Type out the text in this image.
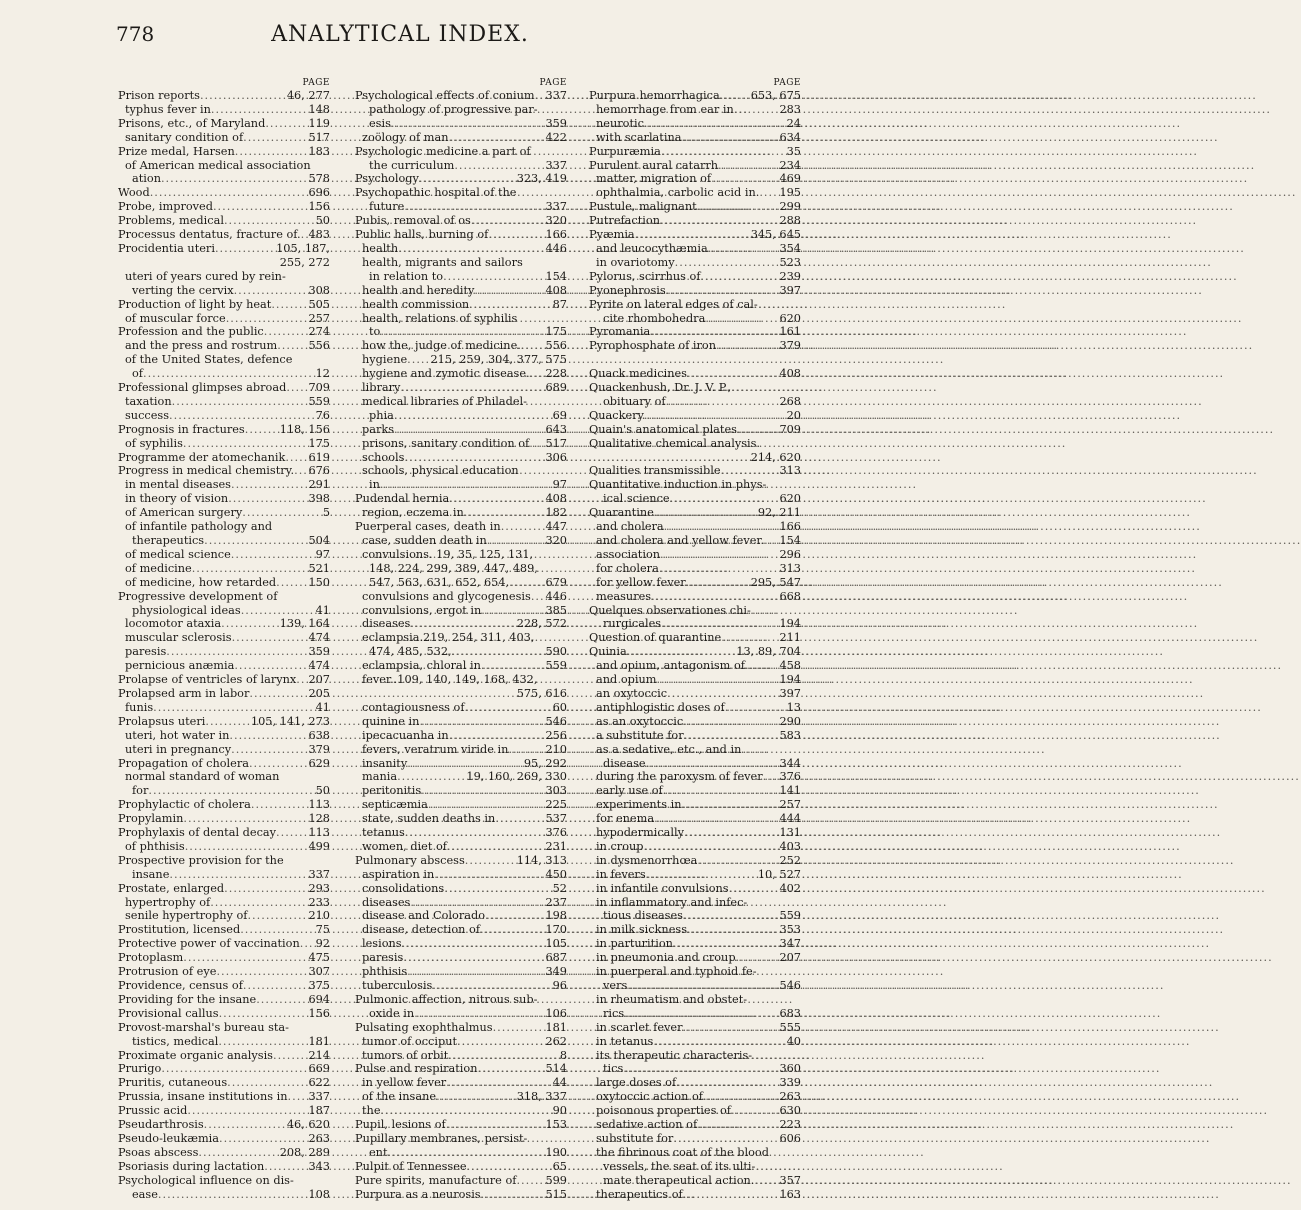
778	ANALYTICAL INDEX.
PAGE
Prison reports .....	46, 277
typhus fever in .....	148
Prisons, etc., of Maryland .....	119
sanitary condition of .....	517
Prize medal, Harsen .....	183
of American medical association
ation .....	578
Wood .....	696
Probe, improved .....	156
Problems, medical .....	50
Processus dentatus, fracture of. ..... 483
Procidentia uteri .....	105, 187,
255, 272
uteri of years cured by rein-
verting the cervix .....	308
Production of light by heat .....	505
of muscular force .....	257
Profession and the public .....	274
and the press and rostrum .....	556
of the United States, defence
of .....	12
Professional glimpses abroad ..... 709
taxation .....	559
success .....	76
Prognosis in fractures .....	118, 156
of syphilis .....	175
Programme der atomechanik ..... 619
Progress in medical chemistry. ..... 676
in mental diseases .....	291
in theory of vision .....	398
of American surgery .....	5
of infantile pathology and
therapeutics .....	504
of medical science .....	97
of medicine .....	521
of medicine, how retarded .....	150
Progressive development of
physiological ideas .....	41
locomotor ataxia .....	139, 164
muscular sclerosis .....	474
paresis .....	359
pernicious anæmia .....	474
Prolapse of ventricles of larynx ..... 207
Prolapsed arm in labor .....	205
funis .....	41
Prolapsus uteri .....	105, 141, 273
uteri, hot water in .....	638
uteri in pregnancy .....	379
Propagation of cholera .....	629
normal standard of woman
for .....	50
Prophylactic of cholera .....	113
Propylamin .....	128
Prophylaxis of dental decay .....	113
of phthisis .....	499
Prospective provision for the
insane .....	337
Prostate, enlarged .....	293
hypertrophy of .....	233
senile hypertrophy of .....	210
Prostitution, licensed .....	75
Protective power of vaccination ..... 92
Protoplasm .....	475
Protrusion of eye .....	307
Providence, census of .....	375
Providing for the insane .....	694
Provisional callus .....	156
Provost-marshal's bureau sta-
tistics, medical .....	181
Proximate organic analysis .....	214
Prurigo .....	669
Pruritis, cutaneous .....	622
Prussia, insane institutions in ..... 337
Prussic acid .....	187
Pseudarthrosis .....	46, 620
Pseudo-leukæmia .....	263
Psoas abscess .....	208, 289
Psoriasis during lactation .....	343
Psychological influence on dis-
ease .....	108
PAGE
Psychological effects of conium ..... 337
pathology of progressive par-
esis .....	359
zoölogy of man .....	422
Psychologic medicine a part of
the curriculum .....	337
Psychology .....	323, 419
Psychopathic hospital of the
future .....	337
Pubis, removal of os .....	320
Public halls, burning of .....	166
health .....	446
health, migrants and sailors
in relation to .....	154
health and heredity .....	408
health commission .....	87
health, relations of syphilis
to .....	175
how the, judge of medicine. ..... 556
hygiene ..... 215, 259, 304, 377, 575
hygiene and zymotic disease. ..... 228
library .....	689
medical libraries of Philadel-
phia .....	69
parks .....	643
prisons, sanitary condition of ..... 517
schools .....	306
schools, physical education
in .....	97
Pudendal hernia .....	408
region, eczema in .....	182
Puerperal cases, death in .....	447
case, sudden death in .....	320
convulsions. 19, 35, 125, 131,
148, 224, 299, 389, 447, 489,
547, 563, 631, 652, 654, .....	679
convulsions and glycogenesis ..... 446
convulsions, ergot in .....	385
diseases .....	228, 572
eclampsia.219, 254, 311, 403,
474, 485, 532, .....	590
eclampsia, chloral in .....	559
fever..109, 140, 149, 168, 432,
575, 616
contagiousness of .....	60
quinine in .....	546
ipecacuanha in .....	256
fevers, veratrum viride in .....	210
insanity .....	95, 292
mania .....	19, 160, 269, 330
peritonitis .....	303
septicæmia .....	225
state, sudden deaths in .....	537
tetanus .....	376
women, diet of .....	231
Pulmonary abscess .....	114, 313
aspiration in .....	450
consolidations .....	52
diseases .....	237
disease and Colorado .....	198
disease, detection of .....	170
lesions .....	105
paresis .....	687
phthisis .....	349
tuberculosis .....	96
Pulmonic affection, nitrous sub-
oxide in .....	106
Pulsating exophthalmus .....	181
tumor of occiput .....	262
tumors of orbit .....	8
Pulse and respiration .....	514
in yellow fever .....	44
of the insane .....	318, 337
the .....	90
Pupil, lesions of .....	153
Pupillary membranes, persist-
ent .....	190
Pulpit of Tennessee .....	65
Pure spirits, manufacture of .....	599
Purpura as a neurosis .....	515
PAGE
Purpura hemorrhagica .....	653, 675
hemorrhage from ear in .....	283
neurotic .....	24
with scarlatina .....	634
Purpuræmia .....	35
Purulent aural catarrh .....	234
matter, migration of .....	469
ophthalmia, carbolic acid in. ..... 195
Pustule, malignant .....	299
Putrefaction .....	288
Pyæmia .....	345, 645
and leucocythæmia .....	354
in ovariotomy .....	523
Pylorus, scirrhus of .....	239
Pyonephrosis .....	397
Pyrite on lateral edges of cal-
cite rhombohedra .....	620
Pyromania .....	161
Pyrophosphate of iron .....	379

Quack medicines .....	408
Quackenbush, Dr. J. V. P.,
obituary of .....	268
Quackery .....	20
Quain's anatomical plates .....	709
Qualitative chemical analysis.
214, 620
Qualities transmissible .....	313
Quantitative induction in phys-
ical science .....	620
Quarantine .....	92, 211
and cholera .....	166
and cholera and yellow fever. ..... 154
association .....	296
for cholera .....	313
for yellow fever .....	295, 547
measures .....	668
Quelques observationes chi-
rurgicales .....	194
Question of quarantine .....	211
Quinia .....	13, 89, 704
and opium, antagonism of .....	458
and opium .....	194
an oxytoccic .....	397
antiphlogistic doses of .....	13
as an oxytoccic .....	290
a substitute for .....	583
as a sedative, etc., and in
disease .....	344
during the paroxysm of fever ..... 376
early use of .....	141
experiments in .....	257
for enema .....	444
hypodermically .....	131
in croup .....	403
in dysmenorrhœa .....	252
in fevers .....	10, 527
in infantile convulsions .....	402
in inflammatory and infec-
tious diseases .....	559
in milk sickness .....	353
in parturition .....	347
in pneumonia and croup .....	207
in puerperal and typhoid fe-
vers .....	546
in rheumatism and obstet-
rics .....	683
in scarlet fever .....	555
in tetanus .....	40
its therapeutic characteris-
tics .....	360
large doses of .....	339
oxytoccic action of .....	263
poisonous properties of .....	630
sedative action of .....	223
substitute for .....	606
the fibrinous coat of the blood
vessels, the seat of its ulti-
mate therapeutical action. ..... 357
therapeutics of .....	163
